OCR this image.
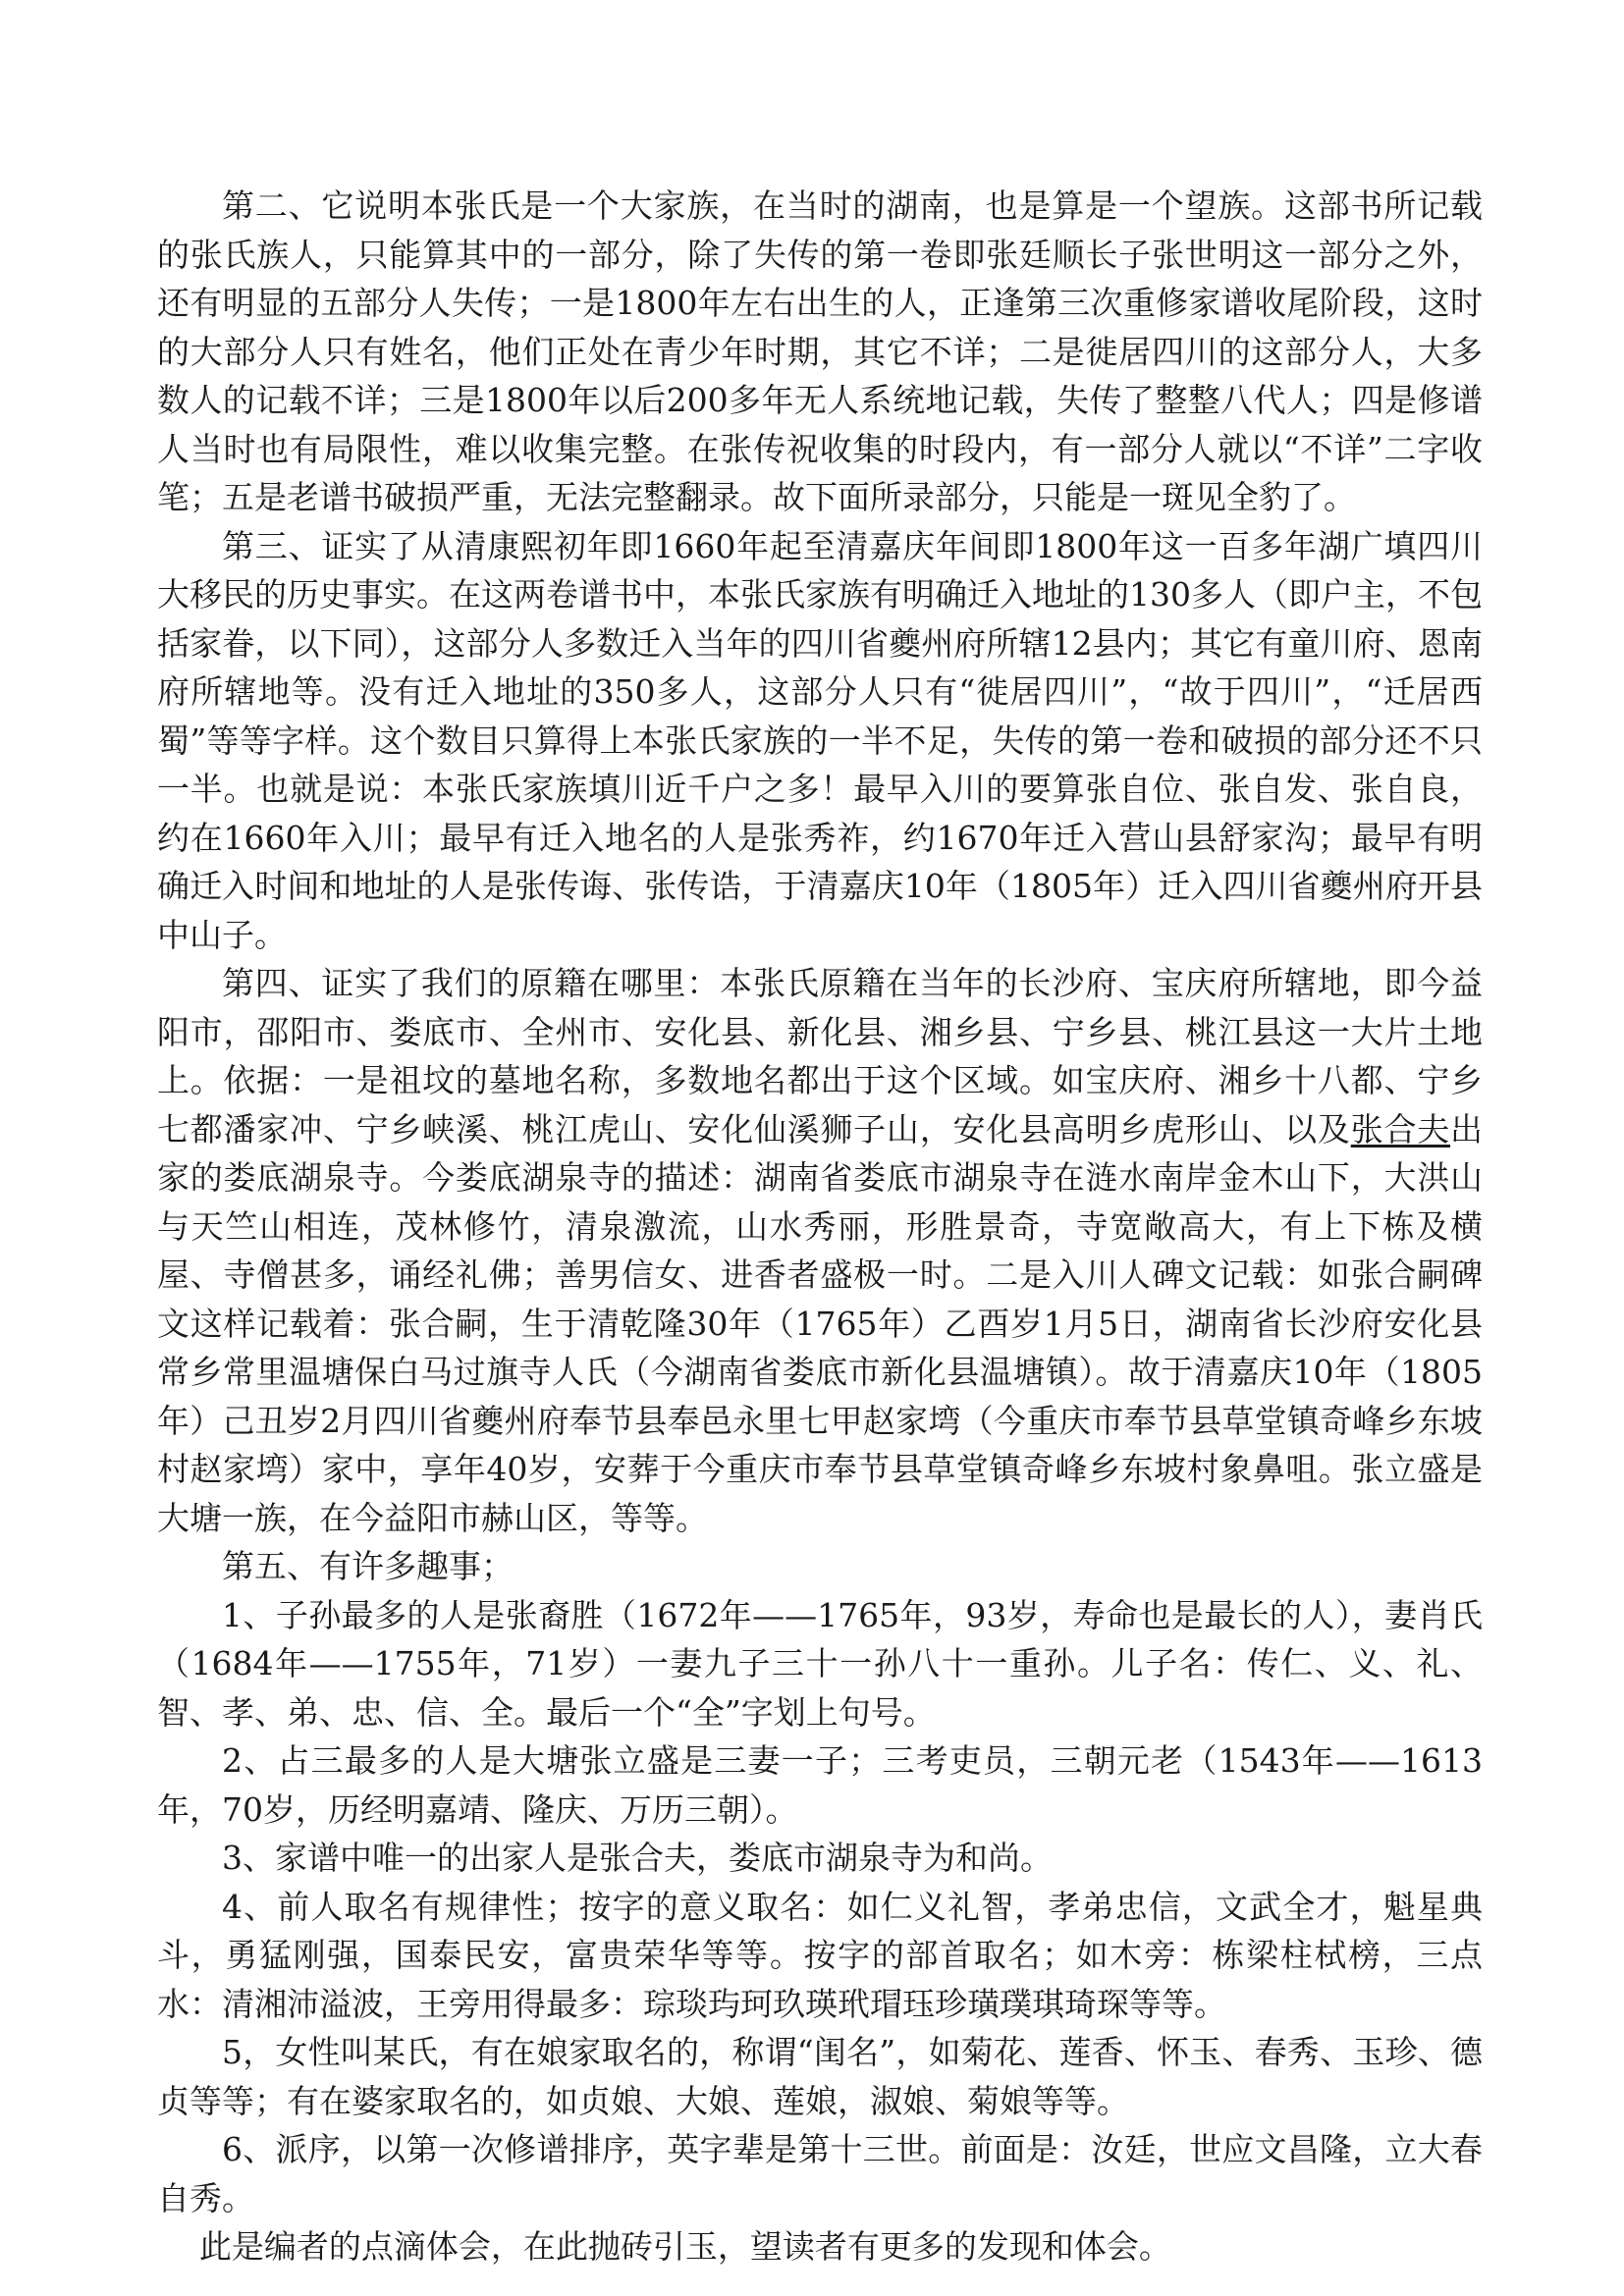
第二、它说明本张氏是一个大家族，在当时的湖南，也是算是一个望族。这部书所记载的张氏族人，只能算其中的一部分，除了失传的第一卷即张廷顺长子张世明这一部分之外，还有明显的五部分人失传；一是1800年左右出生的人，正逢第三次重修家谱收尾阶段，这时的大部分人只有姓名，他们正处在青少年时期，其它不详；二是徙居四川的这部分人，大多数人的记载不详；三是1800年以后200多年无人系统地记载，失传了整整八代人；四是修谱人当时也有局限性，难以收集完整。在张传祝收集的时段内，有一部分人就以“不详”二字收笔；五是老谱书破损严重，无法完整翻录。故下面所录部分，只能是一斑见全豹了。

第三、证实了从清康熙初年即1660年起至清嘉庆年间即1800年这一百多年湖广填四川大移民的历史事实。在这两卷谱书中，本张氏家族有明确迁入地址的130多人（即户主，不包括家眷，以下同），这部分人多数迁入当年的四川省夔州府所辖12县内；其它有童川府、恩南府所辖地等。没有迁入地址的350多人，这部分人只有“徙居四川”，“故于四川”，“迁居西蜀”等等字样。这个数目只算得上本张氏家族的一半不足，失传的第一卷和破损的部分还不只一半。也就是说：本张氏家族填川近千户之多！最早入川的要算张自位、张自发、张自良，约在1660年入川；最早有迁入地名的人是张秀祚，约1670年迁入营山县舒家沟；最早有明确迁入时间和地址的人是张传诲、张传诰，于清嘉庆10年（1805年）迁入四川省夔州府开县中山子。

第四、证实了我们的原籍在哪里：本张氏原籍在当年的长沙府、宝庆府所辖地，即今益阳市，邵阳市、娄底市、全州市、安化县、新化县、湘乡县、宁乡县、桃江县这一大片土地上。依据：一是祖坟的墓地名称，多数地名都出于这个区域。如宝庆府、湘乡十八都、宁乡七都潘家冲、宁乡峡溪、桃江虎山、安化仙溪狮子山，安化县高明乡虎形山、以及张合夫出家的娄底湖泉寺。今娄底湖泉寺的描述：湖南省娄底市湖泉寺在涟水南岸金木山下，大洪山与天竺山相连，茂林修竹，清泉激流，山水秀丽，形胜景奇，寺宽敞高大，有上下栋及横屋、寺僧甚多，诵经礼佛；善男信女、进香者盛极一时。二是入川人碑文记载：如张合嗣碑文这样记载着：张合嗣，生于清乾隆30年（1765年）乙酉岁1月5日，湖南省长沙府安化县常乡常里温塘保白马过旗寺人氏（今湖南省娄底市新化县温塘镇）。故于清嘉庆10年（1805年）己丑岁2月四川省夔州府奉节县奉邑永里七甲赵家塆（今重庆市奉节县草堂镇奇峰乡东坡村赵家塆）家中，享年40岁，安葬于今重庆市奉节县草堂镇奇峰乡东坡村象鼻咀。张立盛是大塘一族，在今益阳市赫山区，等等。

第五、有许多趣事；

1、子孙最多的人是张裔胜（1672年——1765年，93岁，寿命也是最长的人），妻肖氏（1684年——1755年，71岁）一妻九子三十一孙八十一重孙。儿子名：传仁、义、礼、智、孝、弟、忠、信、全。最后一个“全”字划上句号。

2、占三最多的人是大塘张立盛是三妻一子；三考吏员，三朝元老（1543年——1613年，70岁，历经明嘉靖、隆庆、万历三朝）。

3、家谱中唯一的出家人是张合夫，娄底市湖泉寺为和尚。

4、前人取名有规律性；按字的意义取名：如仁义礼智，孝弟忠信，文武全才，魁星典斗，勇猛刚强，国泰民安，富贵荣华等等。按字的部首取名；如木旁：栋梁柱栻榜，三点水：清湘沛溢波，王旁用得最多：琮琰玙珂玖瑛玳瑁珏珍璜璞琪琦琛等等。

5，女性叫某氏，有在娘家取名的，称谓“闺名”，如菊花、莲香、怀玉、春秀、玉珍、德贞等等；有在婆家取名的，如贞娘、大娘、莲娘，淑娘、菊娘等等。

6、派序，以第一次修谱排序，英字辈是第十三世。前面是：汝廷，世应文昌隆，立大春自秀。

此是编者的点滴体会，在此抛砖引玉，望读者有更多的发现和体会。
